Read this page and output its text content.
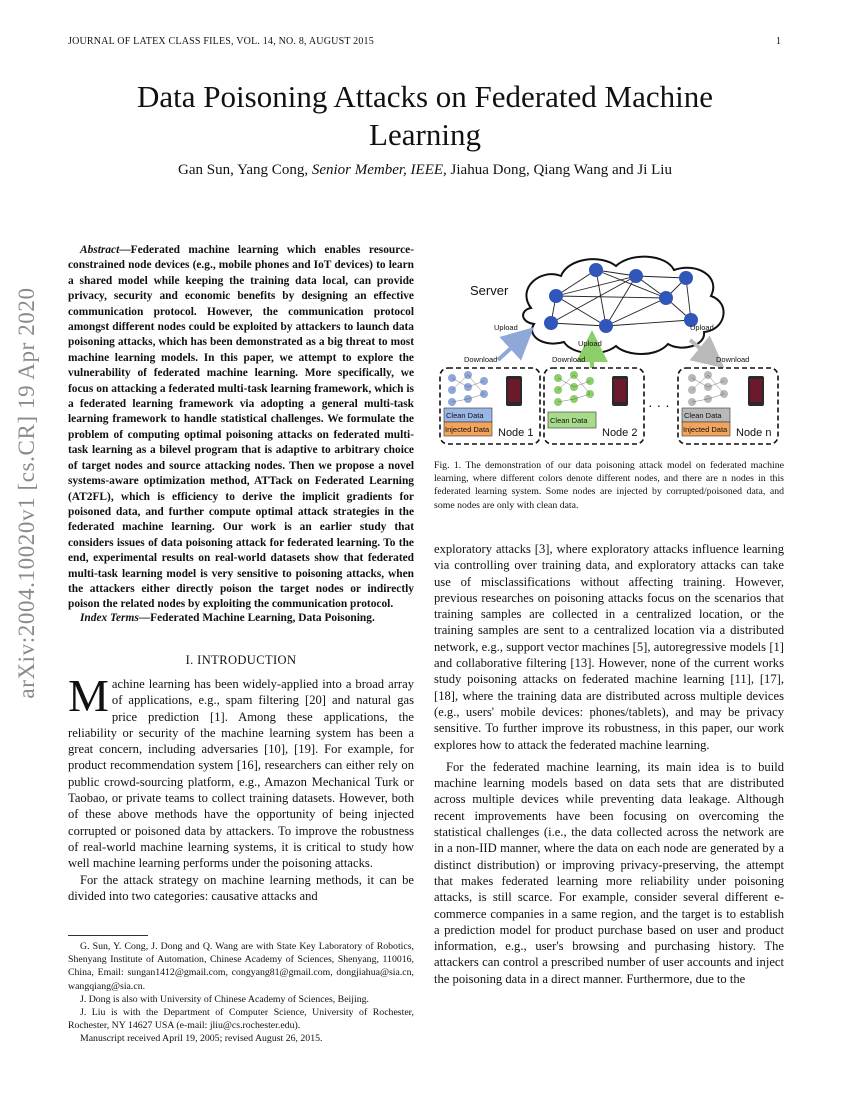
JOURNAL OF LATEX CLASS FILES, VOL. 14, NO. 8, AUGUST 2015	1
arXiv:2004.10020v1 [cs.CR] 19 Apr 2020
Data Poisoning Attacks on Federated Machine Learning
Gan Sun, Yang Cong, Senior Member, IEEE, Jiahua Dong, Qiang Wang and Ji Liu
Abstract—Federated machine learning which enables resource-constrained node devices (e.g., mobile phones and IoT devices) to learn a shared model while keeping the training data local, can provide privacy, security and economic benefits by designing an effective communication protocol. However, the communication protocol amongst different nodes could be exploited by attackers to launch data poisoning attacks, which has been demonstrated as a big threat to most machine learning models. In this paper, we attempt to explore the vulnerability of federated machine learning. More specifically, we focus on attacking a federated multi-task learning framework, which is a federated learning framework via adopting a general multi-task learning framework to handle statistical challenges. We formulate the problem of computing optimal poisoning attacks on federated multi-task learning as a bilevel program that is adaptive to arbitrary choice of target nodes and source attacking nodes. Then we propose a novel systems-aware optimization method, ATTack on Federated Learning (AT2FL), which is efficiency to derive the implicit gradients for poisoned data, and further compute optimal attack strategies in the federated machine learning. Our work is an earlier study that considers issues of data poisoning attack for federated learning. To the end, experimental results on real-world datasets show that federated multi-task learning model is very sensitive to poisoning attacks, when the attackers either directly poison the target nodes or indirectly poison the related nodes by exploiting the communication protocol.
Index Terms—Federated Machine Learning, Data Poisoning.
I. INTRODUCTION

Machine learning has been widely-applied into a broad array of applications, e.g., spam filtering [20] and natural gas price prediction [1]. Among these applications, the reliability or security of the machine learning system has been a great concern, including adversaries [10], [19]. For example, for product recommendation system [16], researchers can either rely on public crowd-sourcing platform, e.g., Amazon Mechanical Turk or Taobao, or private teams to collect training datasets. However, both of these above methods have the opportunity of being injected corrupted or poisoned data by attackers. To improve the robustness of real-world machine learning systems, it is critical to study how well machine learning performs under the poisoning attacks.

For the attack strategy on machine learning methods, it can be divided into two categories: causative attacks and

G. Sun, Y. Cong, J. Dong and Q. Wang are with State Key Laboratory of Robotics, Shenyang Institute of Automation, Chinese Academy of Sciences, Shenyang, 110016, China, Email: sungan1412@gmail.com, congyang81@gmail.com, dongjiahua@sia.cn, wangqiang@sia.cn.

J. Dong is also with University of Chinese Academy of Sciences, Beijing.

J. Liu is with the Department of Computer Science, University of Rochester, Rochester, NY 14627 USA (e-mail: jliu@cs.rochester.edu).

Manuscript received April 19, 2005; revised August 26, 2015.

Server
Upload
Download
Upload
Download
Upload
Download
Clean Data
Injected Data Node 1
Clean Data
Node 2
· · ·
Clean Data
Injected Data Node n
Fig. 1. The demonstration of our data poisoning attack model on federated machine learning, where different colors denote different nodes, and there are n nodes in this federated learning system. Some nodes are injected by corrupted/poisoned data, and some nodes are only with clean data.

exploratory attacks [3], where exploratory attacks influence learning via controlling over training data, and exploratory attacks can take use of misclassifications without affecting training. However, previous researches on poisoning attacks focus on the scenarios that training samples are collected in a centralized location, or the training samples are sent to a centralized location via a distributed network, e.g., support vector machines [5], autoregressive models [1] and collaborative filtering [13]. However, none of the current works study poisoning attacks on federated machine learning [11], [17], [18], where the training data are distributed across multiple devices (e.g., users' mobile devices: phones/tablets), and may be privacy sensitive. To further improve its robustness, in this paper, our work explores how to attack the federated machine learning.

For the federated machine learning, its main idea is to build machine learning models based on data sets that are distributed across multiple devices while preventing data leakage. Although recent improvements have been focusing on overcoming the statistical challenges (i.e., the data collected across the network are in a non-IID manner, where the data on each node are generated by a distinct distribution) or improving privacy-preserving, the attempt that makes federated learning more reliability under poisoning attacks, is still scarce. For example, consider several different e-commerce companies in a same region, and the target is to establish a prediction model for product purchase based on user and product information, e.g., user's browsing and purchasing history. The attackers can control a prescribed number of user accounts and inject the poisoning data in a direct manner. Furthermore, due to the
